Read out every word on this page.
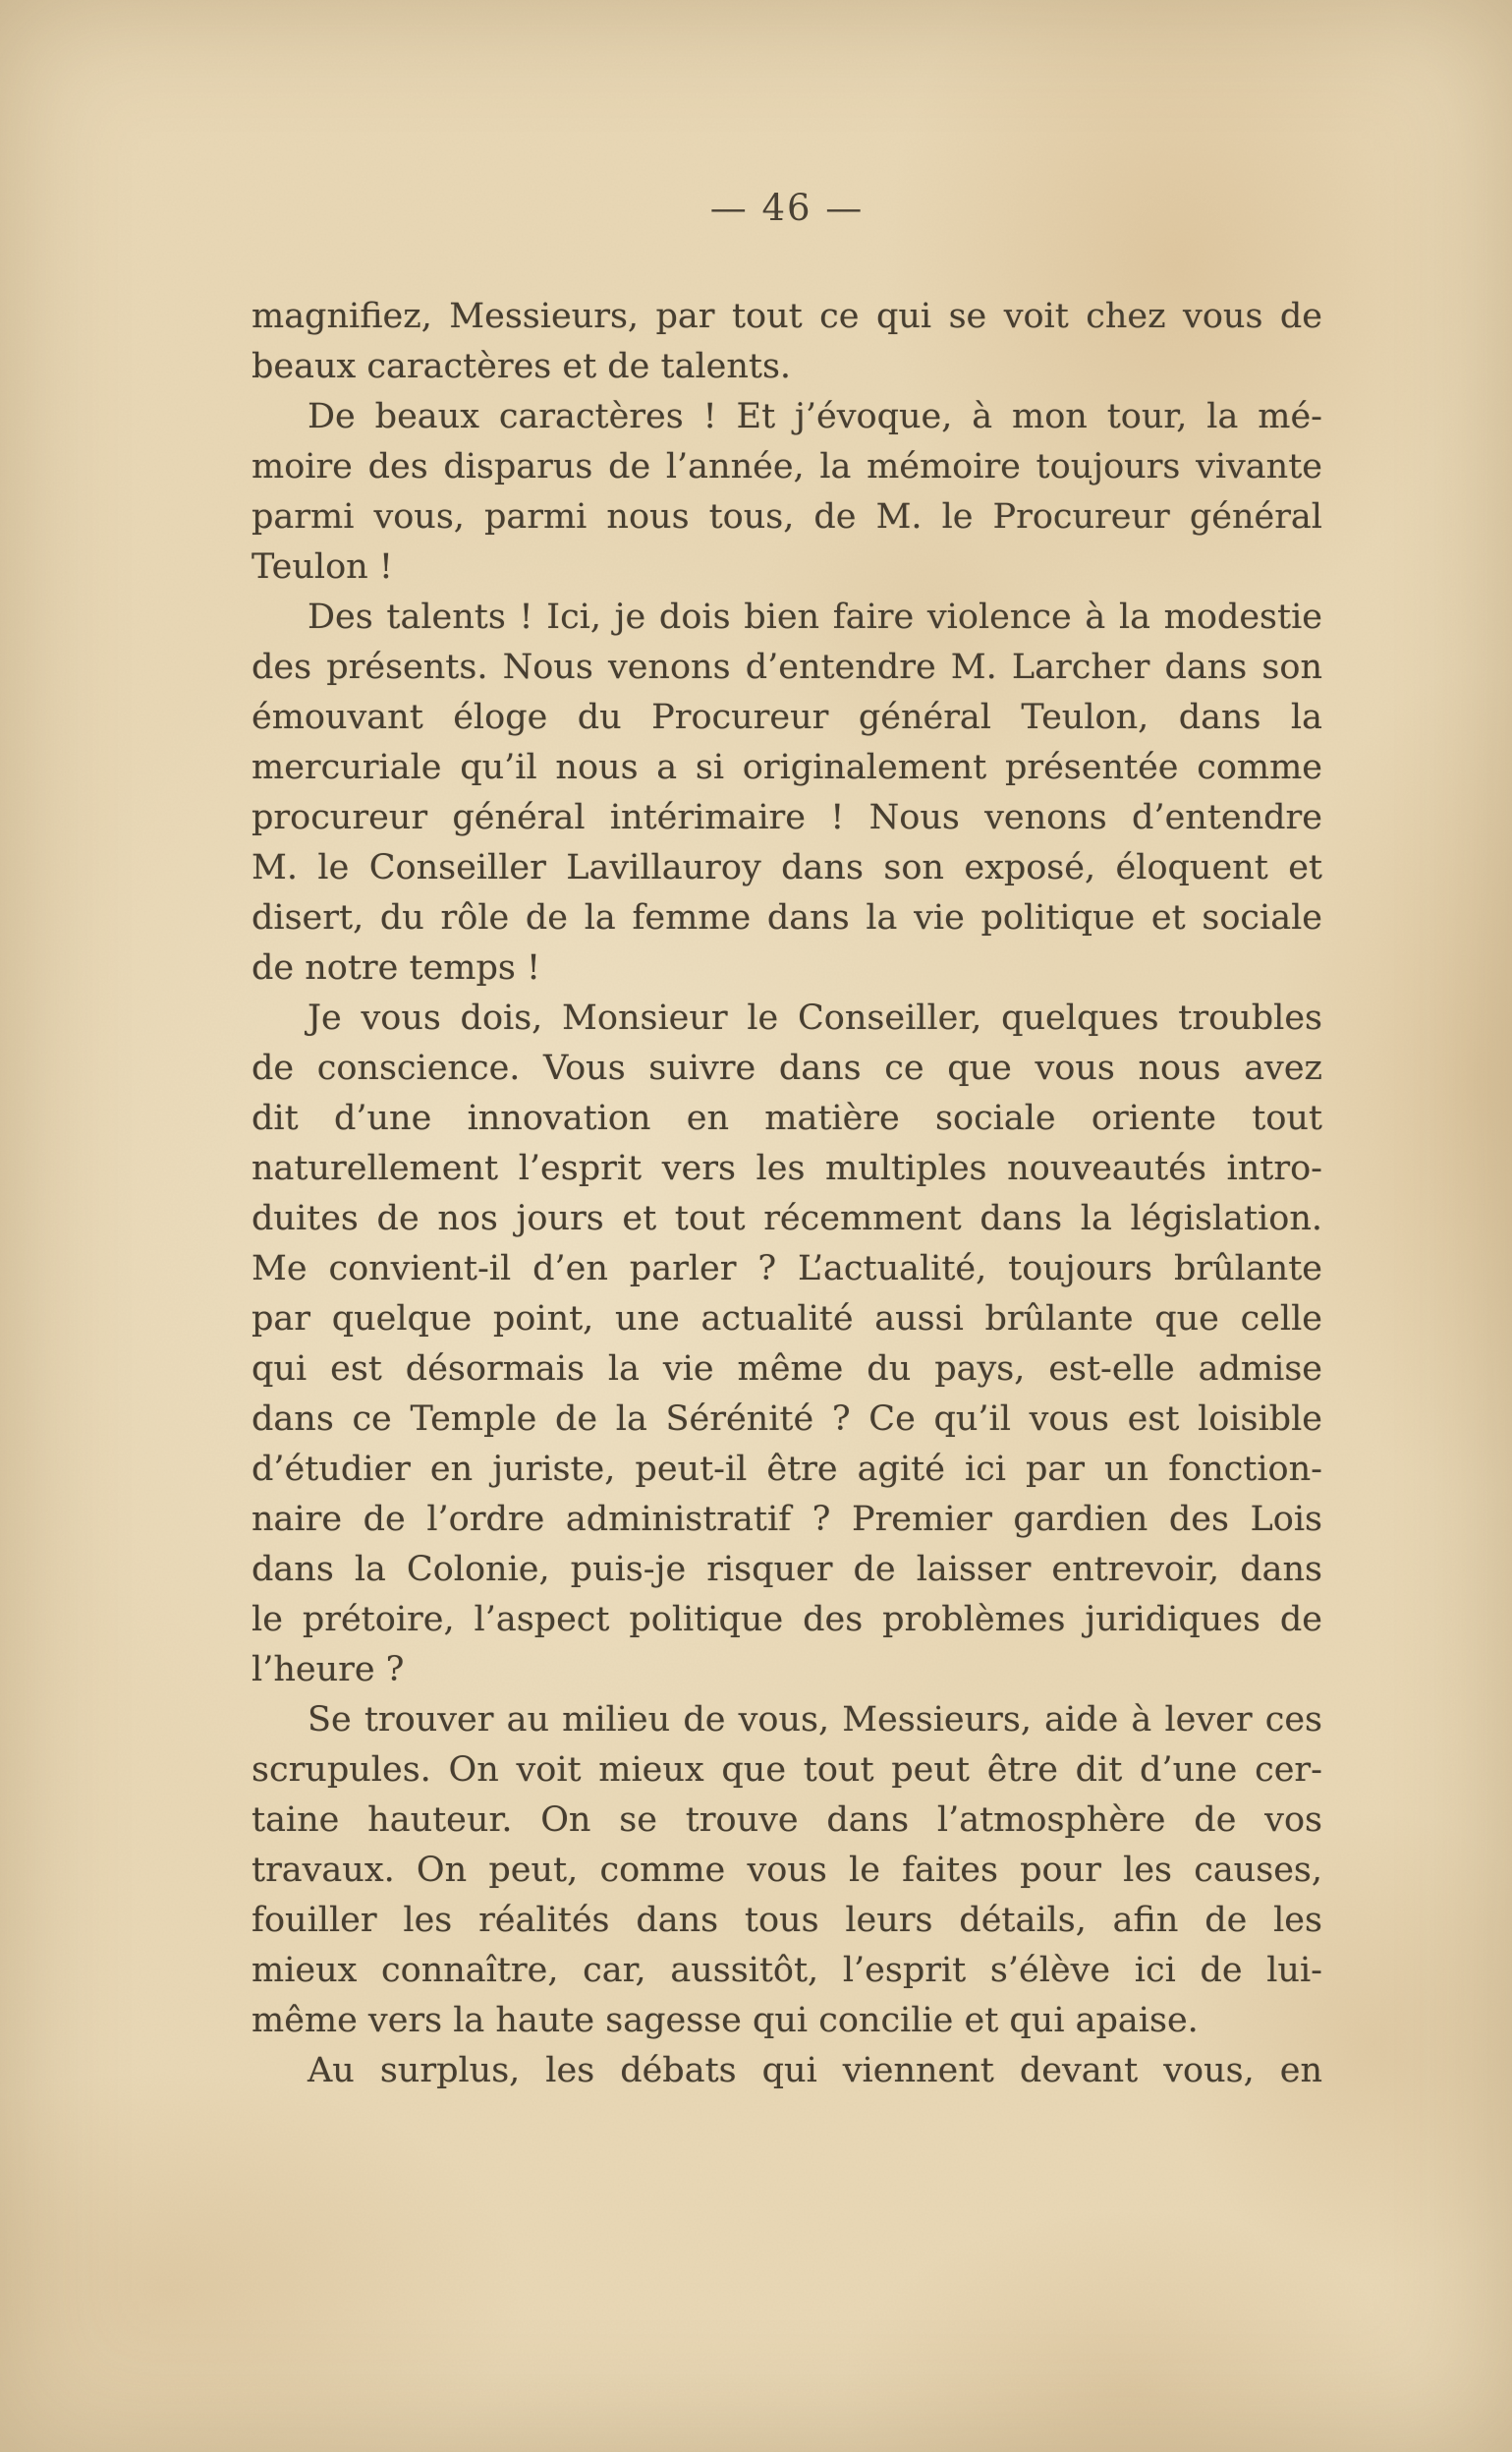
— 46 —
magnifiez, Messieurs, par tout ce qui se voit chez vous de
beaux caractères et de talents.
De beaux caractères ! Et j’évoque, à mon tour, la mé-
moire des disparus de l’année, la mémoire toujours vivante
parmi vous, parmi nous tous, de M. le Procureur général
Teulon !
Des talents ! Ici, je dois bien faire violence à la modestie
des présents. Nous venons d’entendre M. Larcher dans son
émouvant éloge du Procureur général Teulon, dans la
mercuriale qu’il nous a si originalement présentée comme
procureur général intérimaire ! Nous venons d’entendre
M. le Conseiller Lavillauroy dans son exposé, éloquent et
disert, du rôle de la femme dans la vie politique et sociale
de notre temps !
Je vous dois, Monsieur le Conseiller, quelques troubles
de conscience. Vous suivre dans ce que vous nous avez
dit d’une innovation en matière sociale oriente tout
naturellement l’esprit vers les multiples nouveautés intro-
duites de nos jours et tout récemment dans la législation.
Me convient-il d’en parler ? L’actualité, toujours brûlante
par quelque point, une actualité aussi brûlante que celle
qui est désormais la vie même du pays, est-elle admise
dans ce Temple de la Sérénité ? Ce qu’il vous est loisible
d’étudier en juriste, peut-il être agité ici par un fonction-
naire de l’ordre administratif ? Premier gardien des Lois
dans la Colonie, puis-je risquer de laisser entrevoir, dans
le prétoire, l’aspect politique des problèmes juridiques de
l’heure ?
Se trouver au milieu de vous, Messieurs, aide à lever ces
scrupules. On voit mieux que tout peut être dit d’une cer-
taine hauteur. On se trouve dans l’atmosphère de vos
travaux. On peut, comme vous le faites pour les causes,
fouiller les réalités dans tous leurs détails, afin de les
mieux connaître, car, aussitôt, l’esprit s’élève ici de lui-
même vers la haute sagesse qui concilie et qui apaise.
Au surplus, les débats qui viennent devant vous, en
